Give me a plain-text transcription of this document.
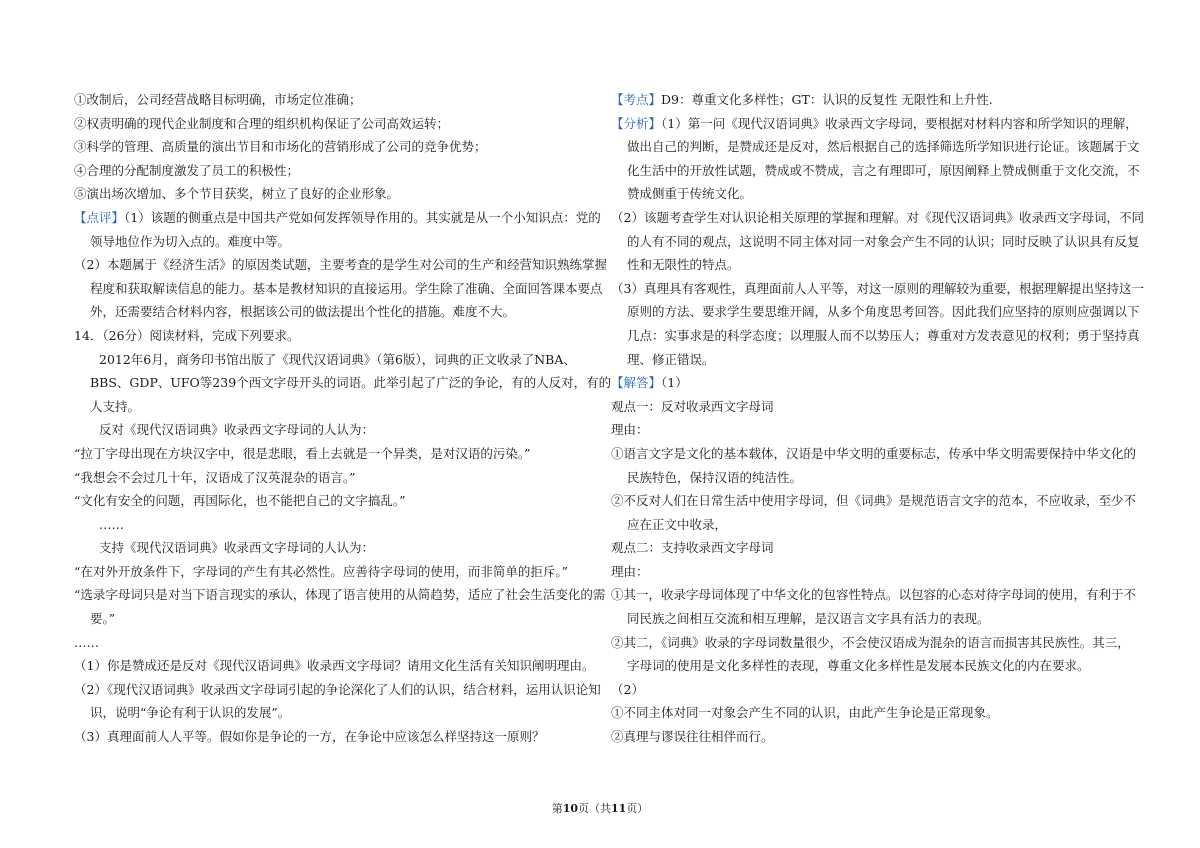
①改制后，公司经营战略目标明确，市场定位准确；
②权责明确的现代企业制度和合理的组织机构保证了公司高效运转；
③科学的管理、高质量的演出节目和市场化的营销形成了公司的竞争优势；
④合理的分配制度激发了员工的积极性；
⑤演出场次增加、多个节目获奖，树立了良好的企业形象。
【点评】（1）该题的侧重点是中国共产党如何发挥领导作用的。其实就是从一个小知识点：党的
领导地位作为切入点的。难度中等。
（2）本题属于《经济生活》的原因类试题，主要考查的是学生对公司的生产和经营知识熟练掌握
程度和获取解读信息的能力。基本是教材知识的直接运用。学生除了准确、全面回答课本要点
外，还需要结合材料内容，根据该公司的做法提出个性化的措施。难度不大。
14．（26分）阅读材料，完成下列要求。
2012年6月，商务印书馆出版了《现代汉语词典》（第6版），词典的正文收录了NBA、
BBS、GDP、UFO等239个西文字母开头的词语。此举引起了广泛的争论，有的人反对，有的
人支持。
反对《现代汉语词典》收录西文字母词的人认为：
“拉丁字母出现在方块汉字中，很是悲眼，看上去就是一个异类，是对汉语的污染。”
“我想会不会过几十年，汉语成了汉英混杂的语言。”
“文化有安全的问题，再国际化，也不能把自己的文字搞乱。”
……
支持《现代汉语词典》收录西文字母词的人认为：
“在对外开放条件下，字母词的产生有其必然性。应善待字母词的使用，而非简单的拒斥。”
“选录字母词只是对当下语言现实的承认，体现了语言使用的从简趋势，适应了社会生活变化的需
要。”
……
（1）你是赞成还是反对《现代汉语词典》收录西文字母词？请用文化生活有关知识阐明理由。
（2）《现代汉语词典》收录西文字母词引起的争论深化了人们的认识，结合材料，运用认识论知
识，说明“争论有利于认识的发展”。
（3）真理面前人人平等。假如你是争论的一方，在争论中应该怎么样坚持这一原则？
【考点】D9：尊重文化多样性；GT：认识的反复性 无限性和上升性.
【分析】（1）第一问《现代汉语词典》收录西文字母词，要根据对材料内容和所学知识的理解，
做出自己的判断，是赞成还是反对，然后根据自己的选择筛选所学知识进行论证。该题属于文
化生活中的开放性试题，赞成或不赞成，言之有理即可，原因阐释上赞成侧重于文化交流，不
赞成侧重于传统文化。
（2）该题考查学生对认识论相关原理的掌握和理解。对《现代汉语词典》收录西文字母词，不同
的人有不同的观点，这说明不同主体对同一对象会产生不同的认识；同时反映了认识具有反复
性和无限性的特点。
（3）真理具有客观性，真理面前人人平等，对这一原则的理解较为重要，根据理解提出坚持这一
原则的方法、要求学生要思维开阔，从多个角度思考回答。因此我们应坚持的原则应强调以下
几点：实事求是的科学态度；以理服人而不以势压人；尊重对方发表意见的权利；勇于坚持真
理、修正错误。
【解答】（1）
观点一：反对收录西文字母词
理由：
①语言文字是文化的基本载体，汉语是中华文明的重要标志，传承中华文明需要保持中华文化的
民族特色，保持汉语的纯洁性。
②不反对人们在日常生活中使用字母词，但《词典》是规范语言文字的范本，不应收录，至少不
应在正文中收录，
观点二：支持收录西文字母词
理由：
①其一，收录字母词体现了中华文化的包容性特点。以包容的心态对待字母词的使用，有利于不
同民族之间相互交流和相互理解，是汉语言文字具有活力的表现。
②其二，《词典》收录的字母词数量很少，不会使汉语成为混杂的语言而损害其民族性。其三，
字母词的使用是文化多样性的表现，尊重文化多样性是发展本民族文化的内在要求。
（2）
①不同主体对同一对象会产生不同的认识，由此产生争论是正常现象。
②真理与谬误往往相伴而行。
第10页（共11页）
